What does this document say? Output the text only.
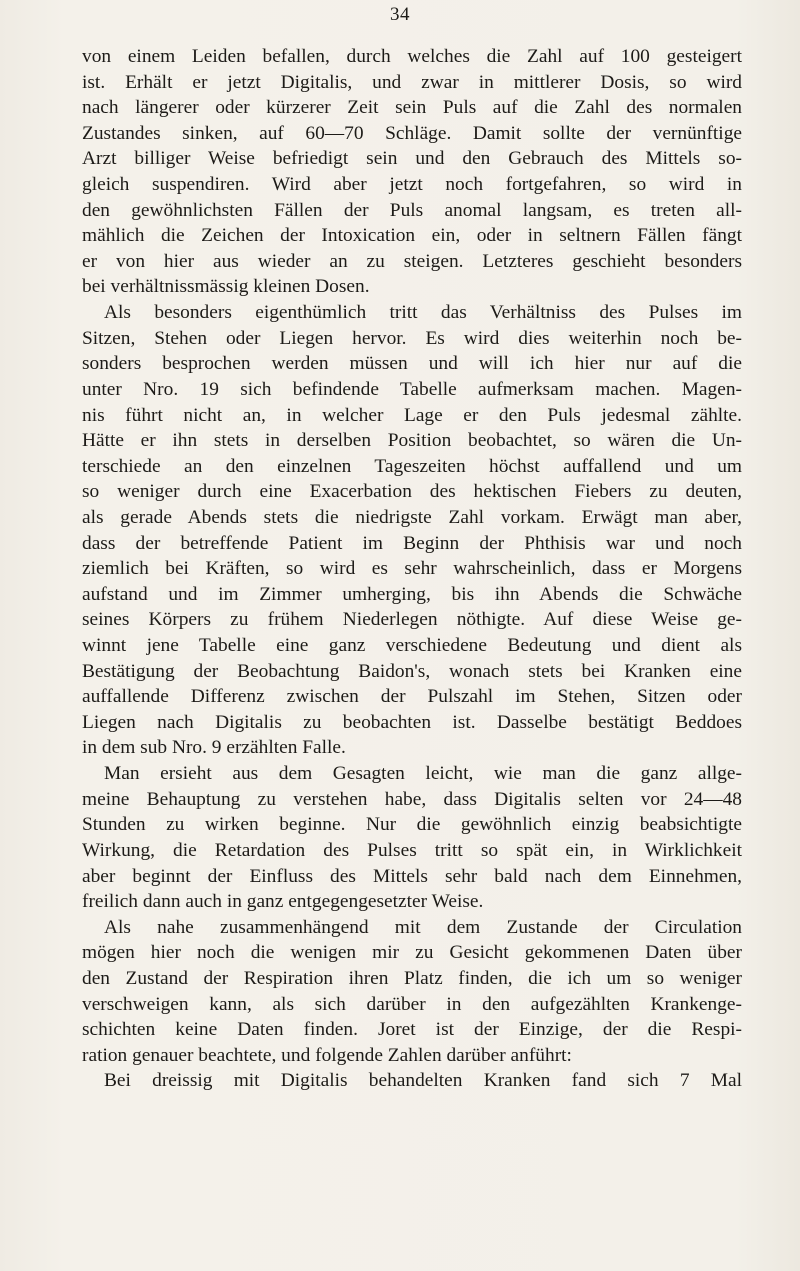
34
von einem Leiden befallen, durch welches die Zahl auf 100 gesteigert
ist. Erhält er jetzt Digitalis, und zwar in mittlerer Dosis, so wird
nach längerer oder kürzerer Zeit sein Puls auf die Zahl des normalen
Zustandes sinken, auf 60—70 Schläge. Damit sollte der vernünftige
Arzt billiger Weise befriedigt sein und den Gebrauch des Mittels so-
gleich suspendiren. Wird aber jetzt noch fortgefahren, so wird in
den gewöhnlichsten Fällen der Puls anomal langsam, es treten all-
mählich die Zeichen der Intoxication ein, oder in seltnern Fällen fängt
er von hier aus wieder an zu steigen. Letzteres geschieht besonders
bei verhältnissmässig kleinen Dosen.
Als besonders eigenthümlich tritt das Verhältniss des Pulses im
Sitzen, Stehen oder Liegen hervor. Es wird dies weiterhin noch be-
sonders besprochen werden müssen und will ich hier nur auf die
unter Nro. 19 sich befindende Tabelle aufmerksam machen. Magen-
nis führt nicht an, in welcher Lage er den Puls jedesmal zählte.
Hätte er ihn stets in derselben Position beobachtet, so wären die Un-
terschiede an den einzelnen Tageszeiten höchst auffallend und um
so weniger durch eine Exacerbation des hektischen Fiebers zu deuten,
als gerade Abends stets die niedrigste Zahl vorkam. Erwägt man aber,
dass der betreffende Patient im Beginn der Phthisis war und noch
ziemlich bei Kräften, so wird es sehr wahrscheinlich, dass er Morgens
aufstand und im Zimmer umherging, bis ihn Abends die Schwäche
seines Körpers zu frühem Niederlegen nöthigte. Auf diese Weise ge-
winnt jene Tabelle eine ganz verschiedene Bedeutung und dient als
Bestätigung der Beobachtung Baidon's, wonach stets bei Kranken eine
auffallende Differenz zwischen der Pulszahl im Stehen, Sitzen oder
Liegen nach Digitalis zu beobachten ist. Dasselbe bestätigt Beddoes
in dem sub Nro. 9 erzählten Falle.
Man ersieht aus dem Gesagten leicht, wie man die ganz allge-
meine Behauptung zu verstehen habe, dass Digitalis selten vor 24—48
Stunden zu wirken beginne. Nur die gewöhnlich einzig beabsichtigte
Wirkung, die Retardation des Pulses tritt so spät ein, in Wirklichkeit
aber beginnt der Einfluss des Mittels sehr bald nach dem Einnehmen,
freilich dann auch in ganz entgegengesetzter Weise.
Als nahe zusammenhängend mit dem Zustande der Circulation
mögen hier noch die wenigen mir zu Gesicht gekommenen Daten über
den Zustand der Respiration ihren Platz finden, die ich um so weniger
verschweigen kann, als sich darüber in den aufgezählten Krankenge-
schichten keine Daten finden. Joret ist der Einzige, der die Respi-
ration genauer beachtete, und folgende Zahlen darüber anführt:
Bei dreissig mit Digitalis behandelten Kranken fand sich 7 Mal
